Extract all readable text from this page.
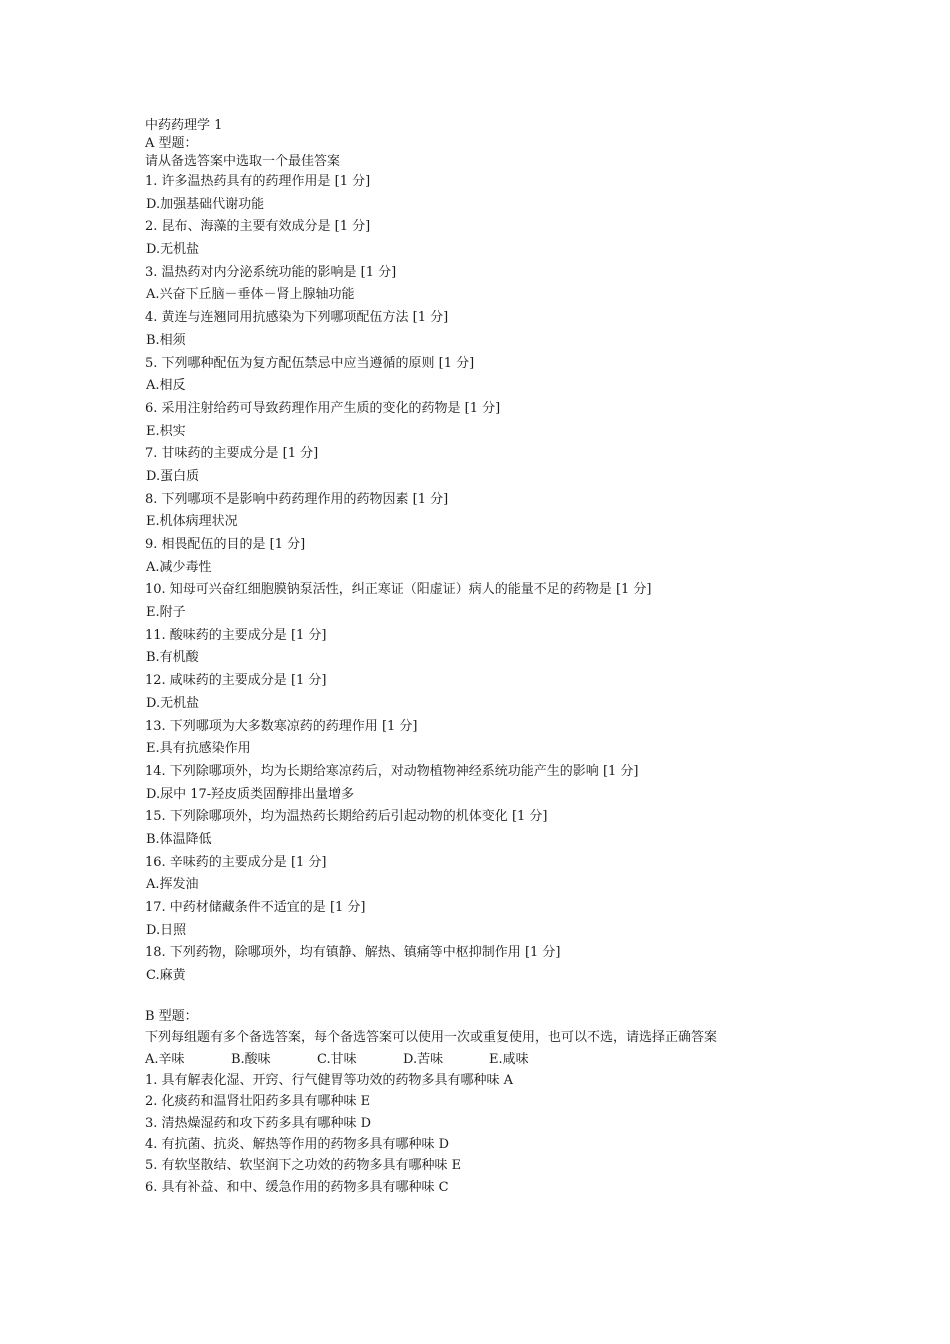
中药药理学 1
A 型题：
请从备选答案中选取一个最佳答案
1. 许多温热药具有的药理作用是 [1 分]
D.加强基础代谢功能
2. 昆布、海藻的主要有效成分是 [1 分]
D.无机盐
3. 温热药对内分泌系统功能的影响是 [1 分]
A.兴奋下丘脑－垂体－肾上腺轴功能
4. 黄连与连翘同用抗感染为下列哪项配伍方法 [1 分]
B.相须
5. 下列哪种配伍为复方配伍禁忌中应当遵循的原则 [1 分]
A.相反
6. 采用注射给药可导致药理作用产生质的变化的药物是 [1 分]
E.枳实
7. 甘味药的主要成分是 [1 分]
D.蛋白质
8. 下列哪项不是影响中药药理作用的药物因素 [1 分]
E.机体病理状况
9. 相畏配伍的目的是 [1 分]
A.减少毒性
10. 知母可兴奋红细胞膜钠泵活性，纠正寒证（阳虚证）病人的能量不足的药物是 [1 分]
E.附子
11. 酸味药的主要成分是 [1 分]
B.有机酸
12. 咸味药的主要成分是 [1 分]
D.无机盐
13. 下列哪项为大多数寒凉药的药理作用 [1 分]
E.具有抗感染作用
14. 下列除哪项外，均为长期给寒凉药后，对动物植物神经系统功能产生的影响 [1 分]
D.尿中 17-羟皮质类固醇排出量增多
15. 下列除哪项外，均为温热药长期给药后引起动物的机体变化 [1 分]
B.体温降低
16. 辛味药的主要成分是 [1 分]
A.挥发油
17. 中药材储藏条件不适宜的是 [1 分]
D.日照
18. 下列药物，除哪项外，均有镇静、解热、镇痛等中枢抑制作用 [1 分]
C.麻黄
B 型题：
下列每组题有多个备选答案，每个备选答案可以使用一次或重复使用，也可以不选，请选择正确答案
A.辛味	B.酸味	C.甘味	D.苦味	E.咸味
1. 具有解表化湿、开窍、行气健胃等功效的药物多具有哪种味 A
2. 化痰药和温肾壮阳药多具有哪种味 E
3. 清热燥湿药和攻下药多具有哪种味 D
4. 有抗菌、抗炎、解热等作用的药物多具有哪种味 D
5. 有软坚散结、软坚润下之功效的药物多具有哪种味 E
6. 具有补益、和中、缓急作用的药物多具有哪种味 C
